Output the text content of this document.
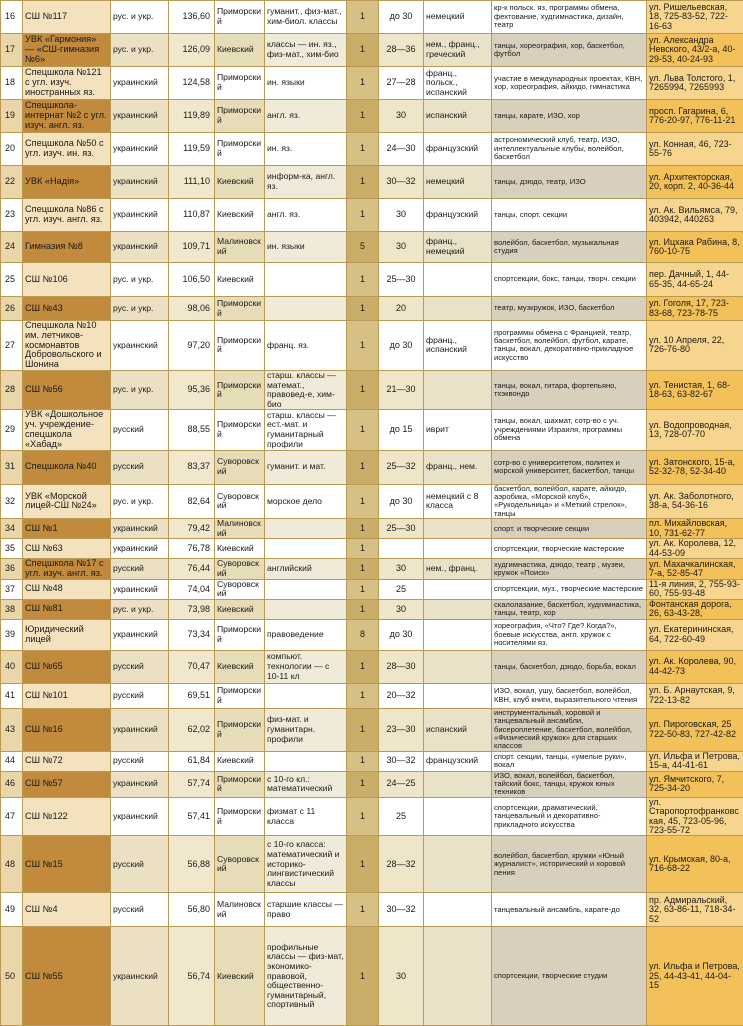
16	СШ №117	рус. и укр.	136,60	Приморский	гуманит., физ-мат., хим-биол. классы	1	до 30	немецкий	кр-к польск. яз, программы обмена, фехтование, худгимнастика, дизайн, театр	ул. Ришельевская, 18, 725-83-52, 722-16-63
17	УВК «Гармония» — «СШ-гимназия №6»	рус. и укр.	126,09	Киевский	классы — ин. яз., физ-мат., хим-био	1	28—36	нем., франц., греческий	танцы, хореография, хор, баскетбол, футбол	ул. Александра Невского, 43/2-а, 40-29-53, 40-24-93
18	Спецшкола №121 с угл. изуч. иностранных яз.	украинский	124,58	Приморский	ин. языки	1	27—28	франц., польск., испанский	участие в международных проектах, КВН, хор, хореография, айкидо, гимнастика	ул. Льва Толстого, 1, 7265994, 7265993
19	Спецшкола-интернат №2 с угл. изуч. англ. яз.	украинский	119,89	Приморский	англ. яз.	1	30	испанский	танцы, карате, ИЗО, хор	просп. Гагарина, 6, 776-20-97, 776-11-21
20	Спецшкола №50 с угл. изуч. ин. яз.	украинский	119,59	Приморский	ин. яз.	1	24—30	французский	астрономический клуб, театр, ИЗО, интеллектуальные клубы, волейбол, баскетбол	ул. Конная, 46, 723-55-76
22	УВК «Надія»	украинский	111,10	Киевский	информ-ка, англ. яз.	1	30—32	немецкий	танцы, дзюдо, театр, ИЗО	ул. Архитекторская, 20, корп. 2, 40-36-44
23	Спецшкола №86 с угл. изуч. англ. яз.	украинский	110,87	Киевский	англ. яз.	1	30	французский	танцы, спорт. секции	ул. Ак. Вильямса, 79, 403942, 440263
24	Гимназия №8	украинский	109,71	Малиновский	ин. языки	5	30	франц., немецкий	волейбол, баскетбол, музыкальная студия	ул. Ицхака Рабина, 8, 760-10-75
25	СШ №106	рус. и укр.	106,50	Киевский		1	25—30		спортсекции, бокс, танцы, творч. секции	пер. Дачный, 1, 44-65-35, 44-65-24
26	СШ №43	рус. и укр.	98,06	Приморский		1	20		театр, музкружок, ИЗО, баскетбол	ул. Гоголя, 17, 723-83-68, 723-78-75
27	Спецшкола №10 им. летчиков-космонавтов Добровольского и Шонина	украинский	97,20	Приморский	франц. яз.	1	до 30	франц., испанский	программы обмена с Францией, театр, баскетбол, волейбол, футбол, карате, танцы, вокал, декоративно-прикладное искусство	ул. 10 Апреля, 22, 726-76-80
28	СШ №56	рус. и укр.	95,36	Приморский	старш. классы — математ., правовед-е, хим-био	1	21—30		танцы, вокал, гитара, фортепьяно, тхэквондо	ул. Тенистая, 1, 68-18-63, 63-82-67
29	УВК «Дошкольное уч. учреждение-спецшкола «Хабад»	русский	88,55	Приморский	старш. классы — ест.-мат. и гуманитарный профили	1	до 15	иврит	танцы, вокал, шахмат, сотр-во с уч. учреждениями Израиля, программы обмена	ул. Водопроводная, 13, 728-07-70
31	Спецшкола №40	русский	83,37	Суворовский	гуманит. и мат.	1	25—32	франц., нем.	сотр-во с университетом, политех и морской университет, баскетбол, танцы	ул. Затонского, 15-а, 52-32-78, 52-34-40
32	УВК «Морской лицей-СШ №24»	рус. и укр.	82,64	Суворовский	морское дело	1	до 30	немецкий с 8 класса	баскетбол, волейбол, карате, айкидо, аэробика, «Морской клуб», «Рукодельница» и «Меткий стрелок», танцы	ул. Ак. Заболотного, 38-а, 54-36-16
34	СШ №1	украинский	79,42	Малиновский		1	25—30		спорт. и творческие секции	пл. Михайловская, 10, 731-62-77
35	СШ №63	украинский	76,78	Киевский		1			спортсекции, творческие мастерские	ул. Ак. Королева, 12, 44-53-09
36	Спецшкола №17 с угл. изуч. англ. яз.	русский	76,44	Суворовский	английский	1	30	нем., франц.	худгимнастика, дзюдо, театр , музеи, кружок «Поиск»	ул. Махачкалинская, 7-а, 52-85-47
37	СШ №48	украинский	74,04	Суворовский		1	25		спортсекции, муз., творческие мастерские	11-я линия, 2, 755-93-60, 755-93-48
38	СШ №81	рус. и укр.	73,98	Киевский		1	30		скалолазание, баскетбол, худгимнастика, танцы, театр, хор	Фонтанская дорога, 26, 63-43-28,
39	Юридический лицей	украинский	73,34	Приморский	правоведение	8	до 30		хореография, «Что? Где? Когда?», боевые искусства, англ. кружок с носителями яз.	ул. Екатерининская, 64, 722-60-49
40	СШ №65	русский	70,47	Киевский	компьют. технологии — с 10-11 кл	1	28—30		танцы, баскетбол, дзюдо, борьба, вокал	ул. Ак. Королева, 90, 44-42-73
41	СШ №101	русский	69,51	Приморский		1	20—32		ИЗО, вокал, ушу, баскетбол, волейбол, КВН, клуб книги, выразительного чтения	ул. Б. Арнаутская, 9, 722-13-82
43	СШ №16	украинский	62,02	Приморский	физ-мат. и гуманитарн. профили	1	23—30	испанский	инструментальный, хоровой и танцевальный ансамбли, бисероплетение, баскетбол, волейбол, «Физический кружок» для старших классов	ул. Пироговская, 25 722-50-83, 727-42-82
44	СШ №72	русский	61,84	Киевский		1	30—32	французский	спорт. секции, танцы, «умелые руки», вокал	ул. Ильфа и Петрова, 15-а, 44-41-61
46	СШ №57	украинский	57,74	Приморский	с 10-го кл.: математический	1	24—25		ИЗО, вокал, волейбол, баскетбол, тайский бокс, танцы, кружок юных техников	ул. Ямчитского, 7, 725-34-20
47	СШ №122	украинский	57,41	Приморский	физмат с 11 класса	1	25		спортсекции, драматический, танцевальный и декоративно-прикладного искусства	ул. Старопортофранковская, 45, 723-05-96, 723-55-72
48	СШ №15	русский	56,88	Суворовский	с 10-го класса: математический и историко-лингвистический классы	1	28—32		волейбол, баскетбол, кружки «Юный журналист», исторический и хоровой пения	ул. Крымская, 80-а, 716-68-22
49	СШ №4	русский	56,80	Малиновский	старшие классы — право	1	30—32		танцевальный ансамбль, карате-до	пр. Адмиральский, 32, 63-86-11, 718-34-52
50	СШ №55	украинский	56,74	Киевский	профильные классы — физ-мат, экономико-правовой, общественно-гуманитарный, спортивный	1	30		спортсекции, творческие студии	ул. Ильфа и Петрова, 25, 44-43-41, 44-04-15
